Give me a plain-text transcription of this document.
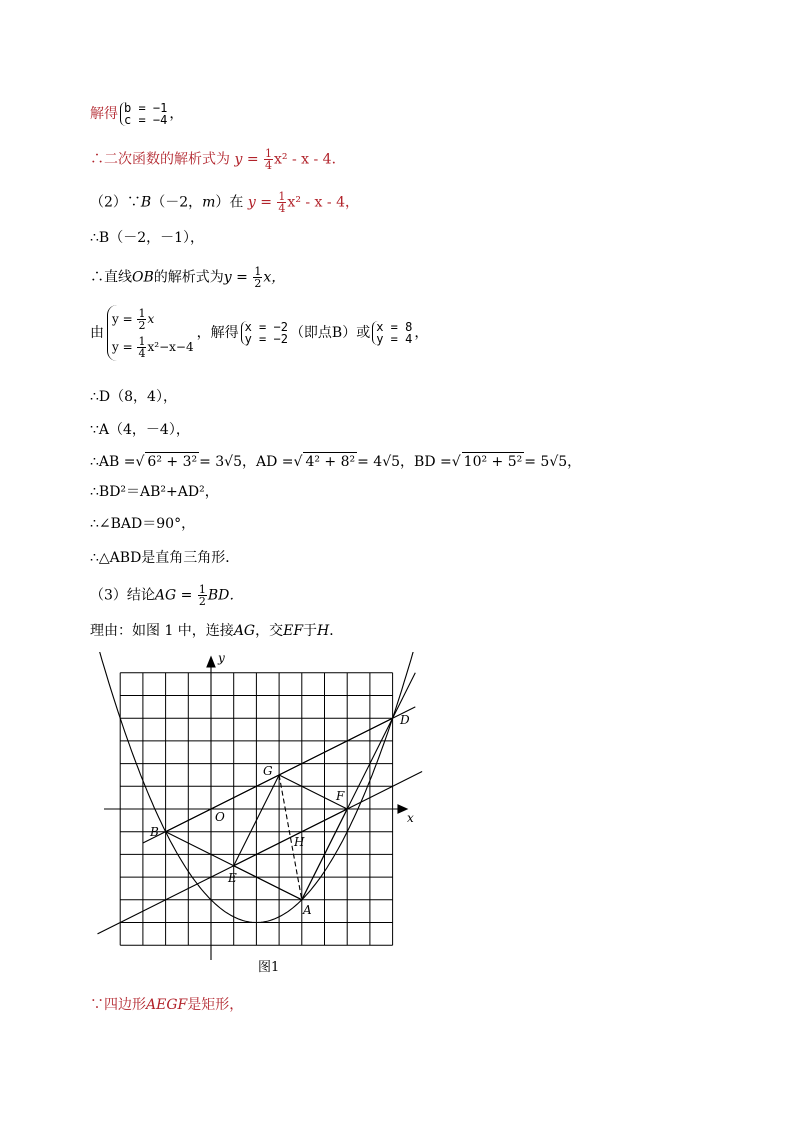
解得 b = −1
c = −4 ，
∴二次函数的解析式为 $y = \frac{1}{4} x^2 - x - 4$．
（2）∵B（－2，m）在 $y = \frac{1}{4} x^2 - x - 4$，
∴B（－2，－1），
∴直线OB的解析式为$y = \frac{1}{2}$ x，
由
$y = \frac{1}{2}$ x
$y = \frac{1}{4} x^2-x-4$
，解得 x = −2
y = −2 （即点B）或 x = 8
y = 4 ，
∴D（8，4），
∵A（4，－4），
∴AB =√ 6² + 3² = 3√5，AD =√ 4² + 8² = 4√5，BD =√ 10² + 5² = 5√5，
∴BD²＝AB²+AD²，
∴∠BAD＝90°，
∴△ABD是直角三角形．
（3）结论AG = $\frac{1}{2}$ BD．
理由：如图 1 中，连接AG，交EF于H．
x
y
O
D
G
F
B
H
E
A
图1
∵四边形AEGF是矩形，
